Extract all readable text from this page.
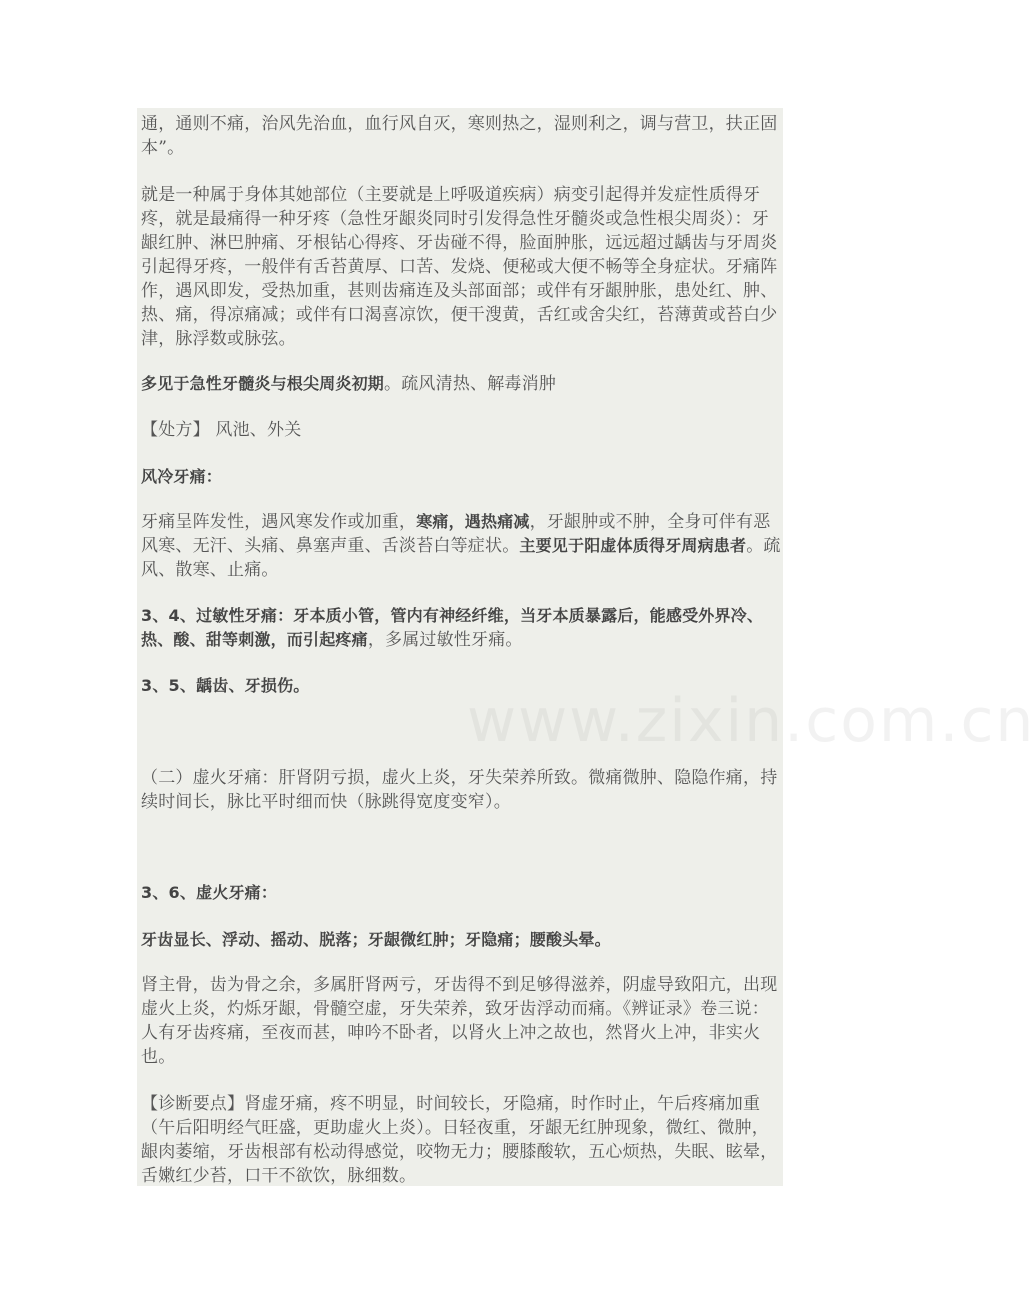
www.zixin.com.cn

通，通则不痛，治风先治血，血行风自灭，寒则热之，湿则利之，调与营卫，扶正固本”。

就是一种属于身体其她部位（主要就是上呼吸道疾病）病变引起得并发症性质得牙疼，就是最痛得一种牙疼（急性牙龈炎同时引发得急性牙髓炎或急性根尖周炎）：牙龈红肿、淋巴肿痛、牙根钻心得疼、牙齿碰不得，脸面肿胀，远远超过龋齿与牙周炎引起得牙疼，一般伴有舌苔黄厚、口苦、发烧、便秘或大便不畅等全身症状。牙痛阵作，遇风即发，受热加重，甚则齿痛连及头部面部；或伴有牙龈肿胀，患处红、肿、热、痛，得凉痛减；或伴有口渴喜凉饮，便干溲黄，舌红或舍尖红，苔薄黄或苔白少津，脉浮数或脉弦。

多见于急性牙髓炎与根尖周炎初期。疏风清热、解毒消肿

【处方】 风池、外关

风冷牙痛：

牙痛呈阵发性，遇风寒发作或加重，寒痛，遇热痛减，牙龈肿或不肿，全身可伴有恶风寒、无汗、头痛、鼻塞声重、舌淡苔白等症状。主要见于阳虚体质得牙周病患者。疏风、散寒、止痛。

3、4、过敏性牙痛：牙本质小管，管内有神经纤维，当牙本质暴露后，能感受外界冷、热、酸、甜等刺激，而引起疼痛，多属过敏性牙痛。

3、5、龋齿、牙损伤。

（二）虚火牙痛：肝肾阴亏损，虚火上炎，牙失荣养所致。微痛微肿、隐隐作痛，持续时间长，脉比平时细而快（脉跳得宽度变窄）。

3、6、虚火牙痛：

牙齿显长、浮动、摇动、脱落；牙龈微红肿；牙隐痛；腰酸头晕。

肾主骨，齿为骨之余，多属肝肾两亏，牙齿得不到足够得滋养，阴虚导致阳亢，出现虚火上炎，灼烁牙龈，骨髓空虚，牙失荣养，致牙齿浮动而痛。《辨证录》卷三说：人有牙齿疼痛，至夜而甚，呻吟不卧者，以肾火上冲之故也，然肾火上冲，非实火也。

【诊断要点】肾虚牙痛，疼不明显，时间较长，牙隐痛，时作时止，午后疼痛加重（午后阳明经气旺盛，更助虚火上炎）。日轻夜重，牙龈无红肿现象，微红、微肿，龈肉萎缩，牙齿根部有松动得感觉，咬物无力；腰膝酸软，五心烦热，失眠、眩晕，舌嫩红少苔，口干不欲饮，脉细数。
